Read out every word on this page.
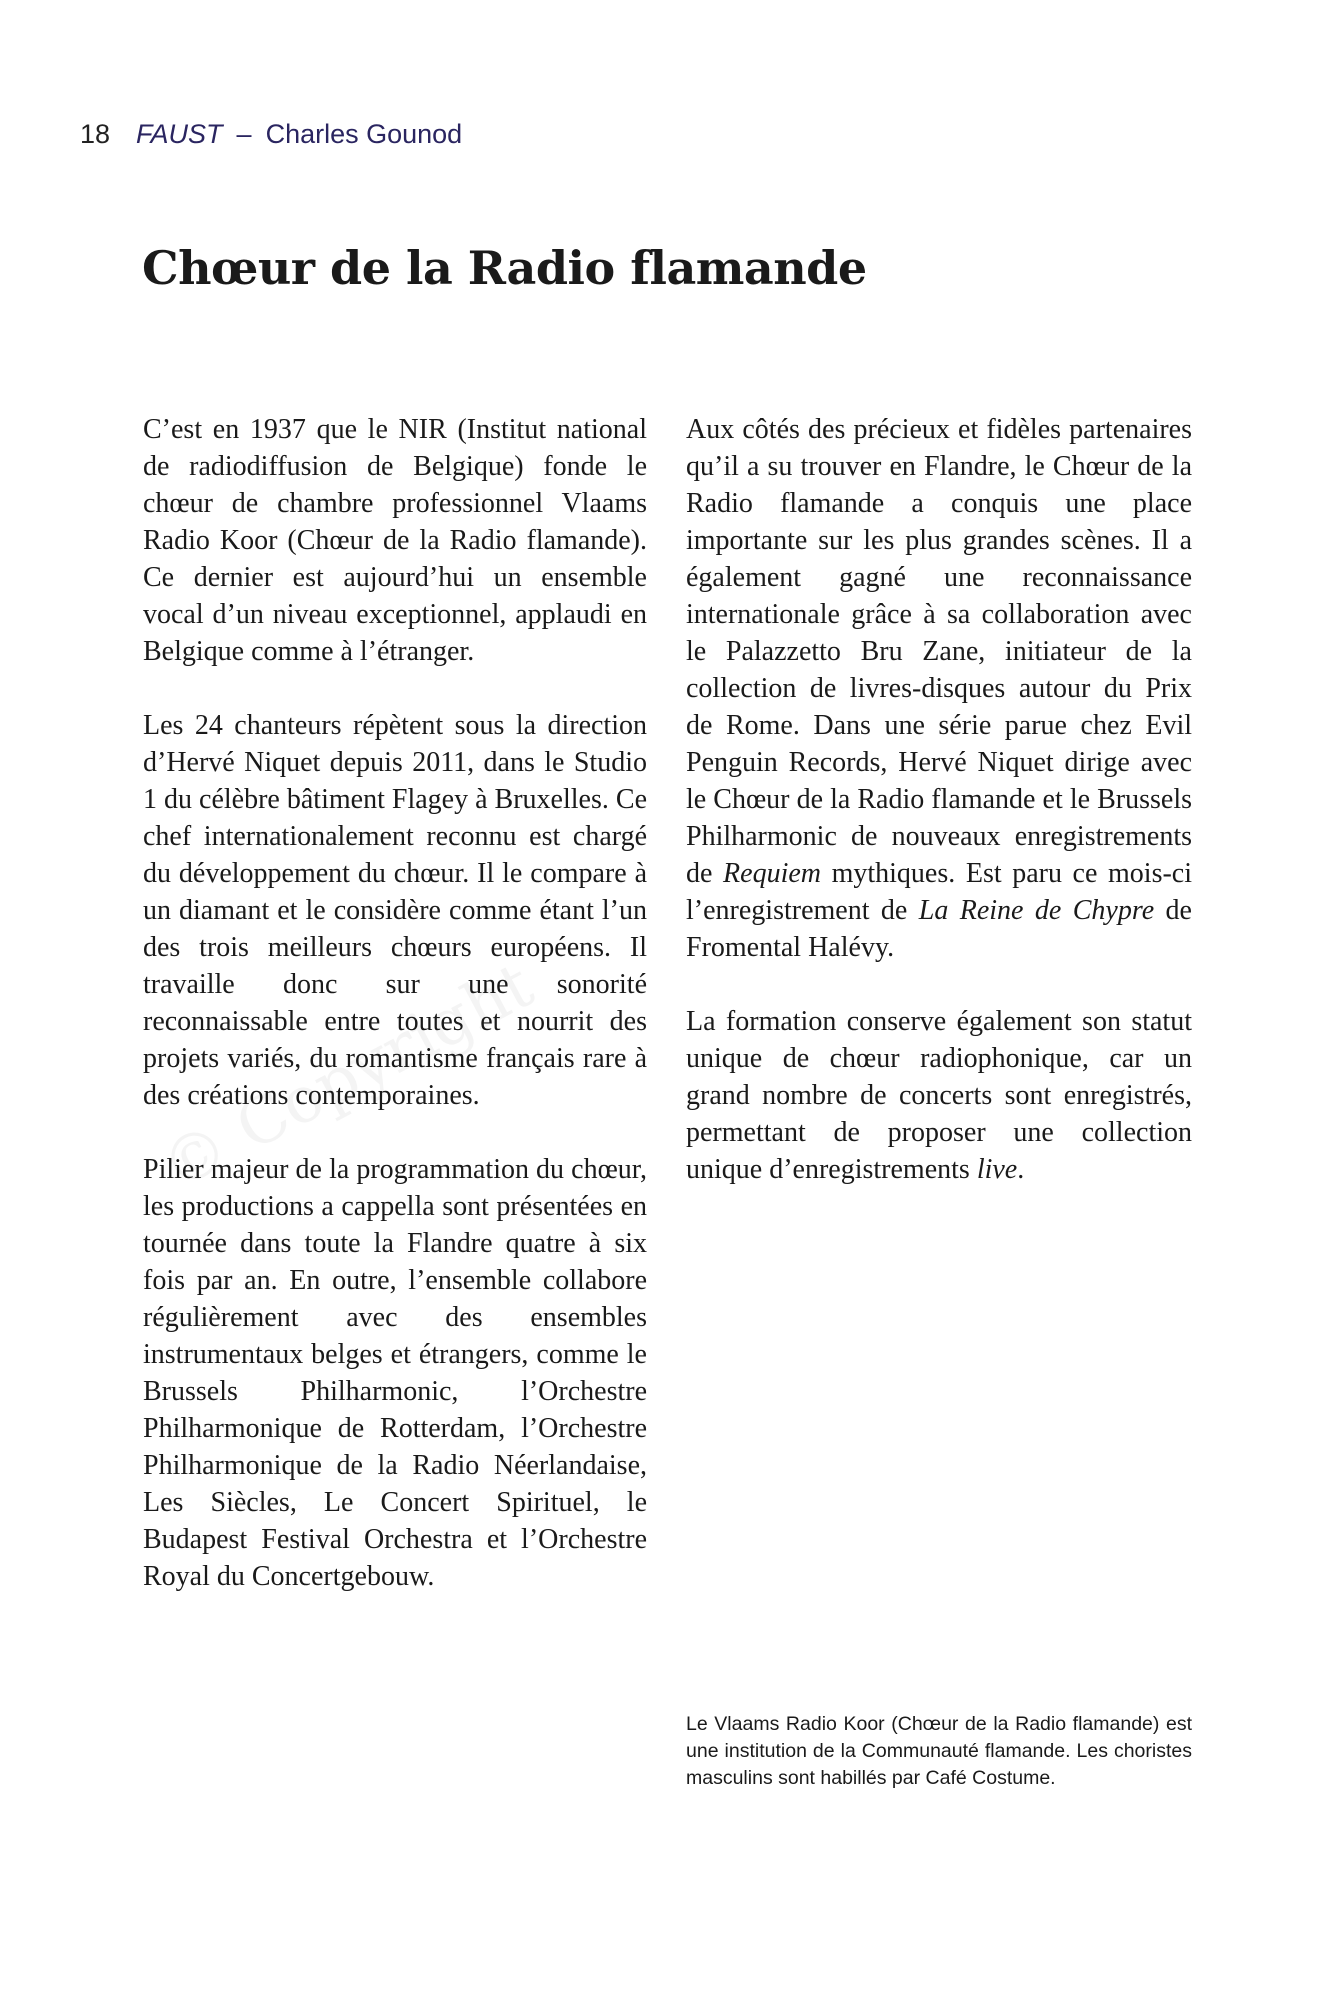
18 FAUST – Charles Gounod
Chœur de la Radio flamande

C’est en 1937 que le NIR (Institut national de radiodiffusion de Belgique) fonde le chœur de chambre professionnel Vlaams Radio Koor (Chœur de la Radio flamande). Ce dernier est aujourd’hui un ensemble vocal d’un niveau exceptionnel, applaudi en Belgique comme à l’étranger.

Les 24 chanteurs répètent sous la direction d’Hervé Niquet depuis 2011, dans le Studio 1 du célèbre bâtiment Flagey à Bruxelles. Ce chef internationalement reconnu est chargé du développement du chœur. Il le compare à un diamant et le considère comme étant l’un des trois meilleurs chœurs européens. Il travaille donc sur une sonorité reconnaissable entre toutes et nourrit des projets variés, du romantisme français rare à des créations contemporaines.

Pilier majeur de la programmation du chœur, les productions a cappella sont présentées en tournée dans toute la Flandre quatre à six fois par an. En outre, l’ensemble collabore régulièrement avec des ensembles instrumentaux belges et étrangers, comme le Brussels Philharmonic, l’Orchestre Philharmonique de Rotterdam, l’Orchestre Philharmonique de la Radio Néerlandaise, Les Siècles, Le Concert Spirituel, le Budapest Festival Orchestra et l’Orchestre Royal du Concertgebouw.

Aux côtés des précieux et fidèles partenaires qu’il a su trouver en Flandre, le Chœur de la Radio flamande a conquis une place importante sur les plus grandes scènes. Il a également gagné une reconnaissance internationale grâce à sa collaboration avec le Palazzetto Bru Zane, initiateur de la collection de livres-disques autour du Prix de Rome. Dans une série parue chez Evil Penguin Records, Hervé Niquet dirige avec le Chœur de la Radio flamande et le Brussels Philharmonic de nouveaux enregistrements de Requiem mythiques. Est paru ce mois-ci l’enregistrement de La Reine de Chypre de Fromental Halévy.

La formation conserve également son statut unique de chœur radiophonique, car un grand nombre de concerts sont enregistrés, permettant de proposer une collection unique d’enregistrements live.

Le Vlaams Radio Koor (Chœur de la Radio flamande) est une institution de la Communauté flamande. Les choristes masculins sont habillés par Café Costume.
